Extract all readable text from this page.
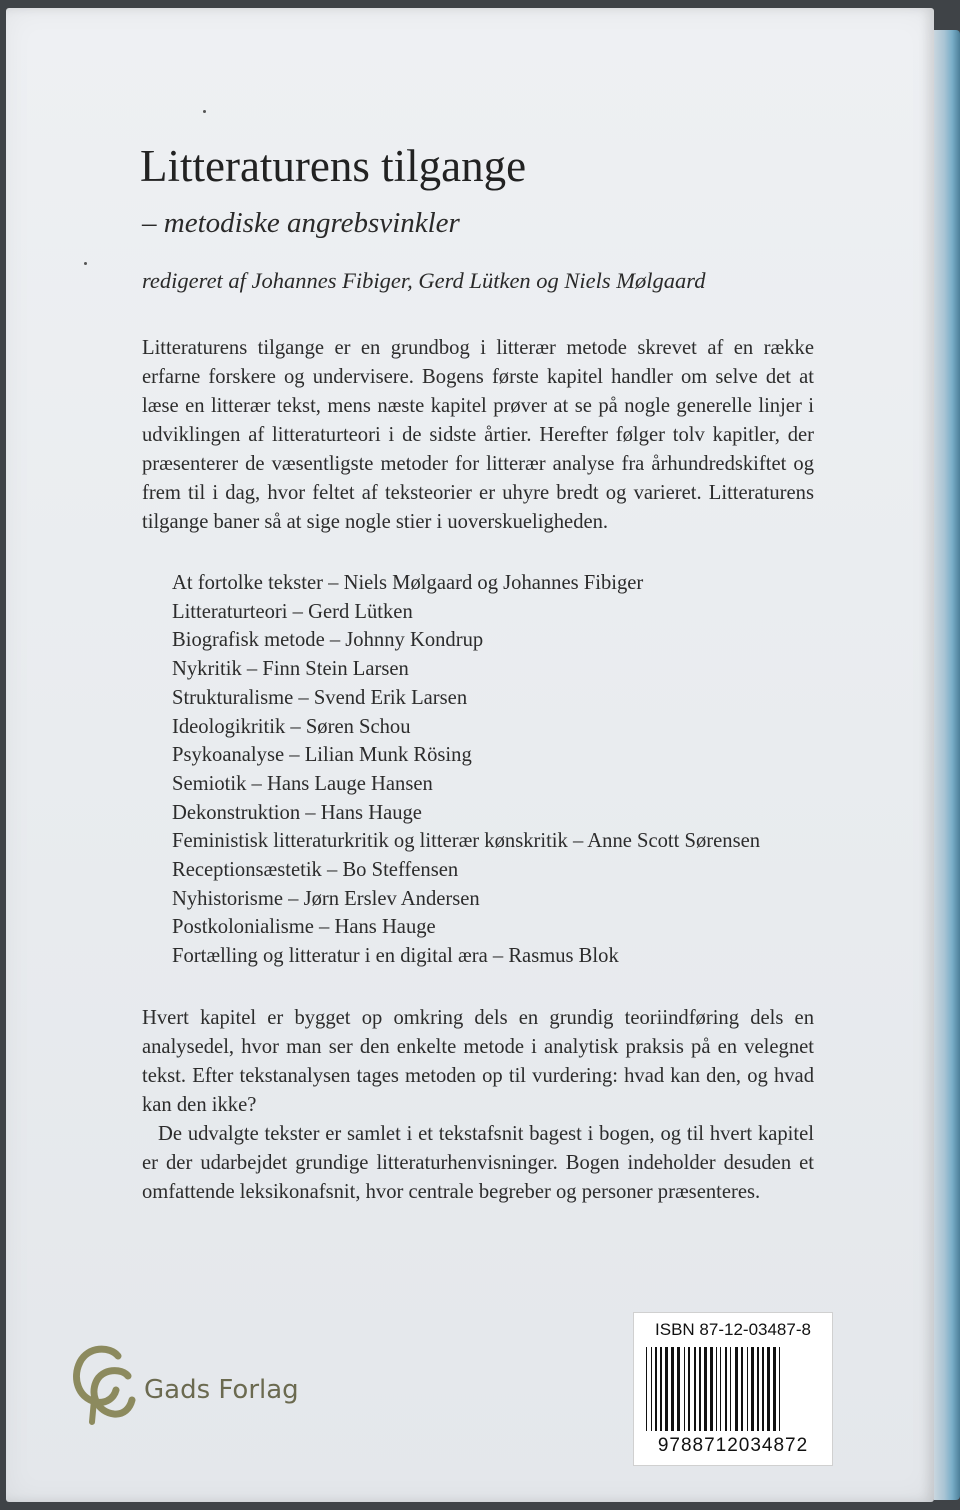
Litteraturens tilgange
– metodiske angrebsvinkler
redigeret af Johannes Fibiger, Gerd Lütken og Niels Mølgaard

Litteraturens tilgange er en grundbog i litterær metode skrevet af en række erfarne forskere og undervisere. Bogens første kapitel handler om selve det at læse en litterær tekst, mens næste kapitel prøver at se på nogle generelle linjer i udviklingen af litteraturteori i de sidste årtier. Herefter følger tolv kapitler, der præsenterer de væsentligste metoder for litterær analyse fra århundredskiftet og frem til i dag, hvor feltet af teksteorier er uhyre bredt og varieret. Litteraturens tilgange baner så at sige nogle stier i uoverskueligheden.

At fortolke tekster – Niels Mølgaard og Johannes Fibiger
Litteraturteori – Gerd Lütken
Biografisk metode – Johnny Kondrup
Nykritik – Finn Stein Larsen
Strukturalisme – Svend Erik Larsen
Ideologikritik – Søren Schou
Psykoanalyse – Lilian Munk Rösing
Semiotik – Hans Lauge Hansen
Dekonstruktion – Hans Hauge
Feministisk litteraturkritik og litterær kønskritik – Anne Scott Sørensen
Receptionsæstetik – Bo Steffensen
Nyhistorisme – Jørn Erslev Andersen
Postkolonialisme – Hans Hauge
Fortælling og litteratur i en digital æra – Rasmus Blok

Hvert kapitel er bygget op omkring dels en grundig teoriindføring dels en analysedel, hvor man ser den enkelte metode i analytisk praksis på en velegnet tekst. Efter tekstanalysen tages metoden op til vurdering: hvad kan den, og hvad kan den ikke?

De udvalgte tekster er samlet i et tekstafsnit bagest i bogen, og til hvert kapitel er der udarbejdet grundige litteraturhenvisninger. Bogen indeholder desuden et omfattende leksikonafsnit, hvor centrale begreber og personer præsenteres.

Gads Forlag
ISBN 87-12-03487-8
9788712034872
